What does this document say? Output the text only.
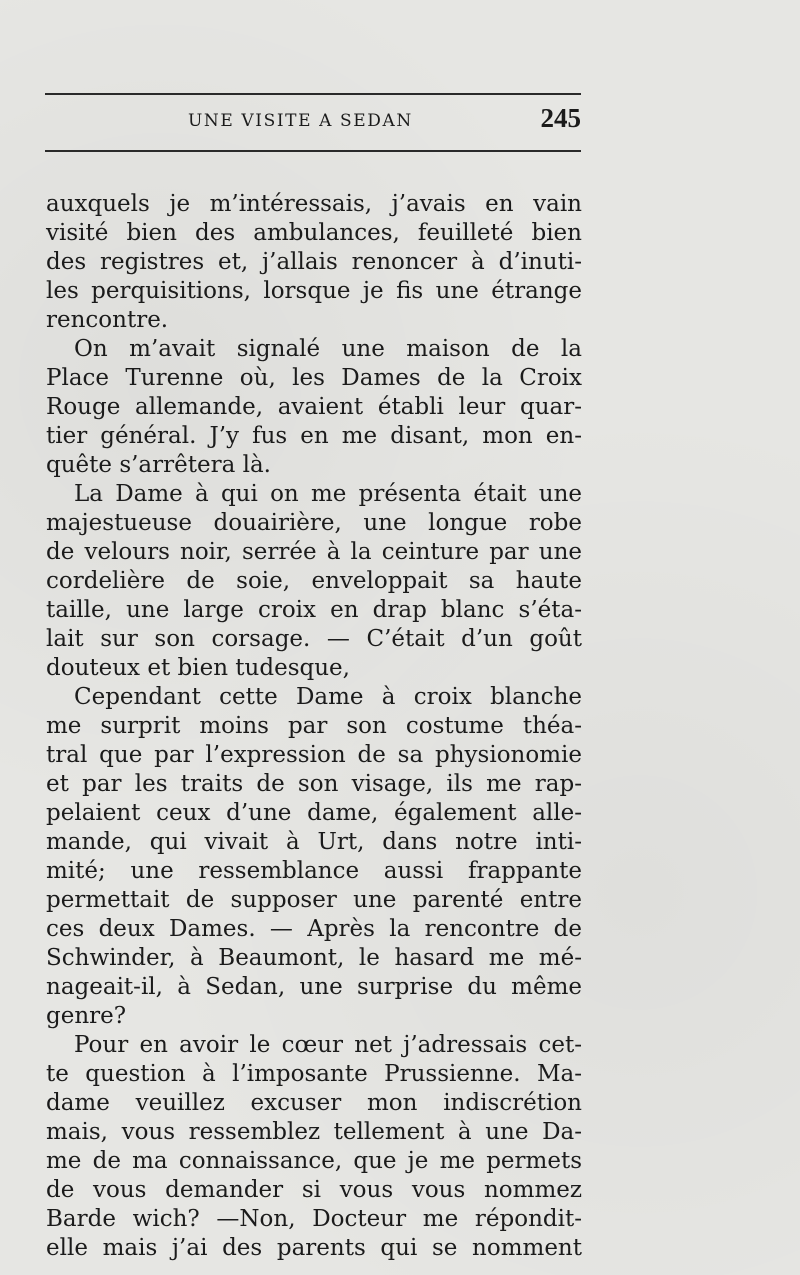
UNE VISITE A SEDAN	245
auxquels je m’intéressais, j’avais en vain
visité bien des ambulances, feuilleté bien
des registres et, j’allais renoncer à d’inuti-
les perquisitions, lorsque je fis une étrange
rencontre.
On m’avait signalé une maison de la
Place Turenne où, les Dames de la Croix
Rouge allemande, avaient établi leur quar-
tier général. J’y fus en me disant, mon en-
quête s’arrêtera là.
La Dame à qui on me présenta était une
majestueuse douairière, une longue robe
de velours noir, serrée à la ceinture par une
cordelière de soie, enveloppait sa haute
taille, une large croix en drap blanc s’éta-
lait sur son corsage. — C’était d’un goût
douteux et bien tudesque,
Cependant cette Dame à croix blanche
me surprit moins par son costume théa-
tral que par l’expression de sa physionomie
et par les traits de son visage, ils me rap-
pelaient ceux d’une dame, également alle-
mande, qui vivait à Urt, dans notre inti-
mité; une ressemblance aussi frappante
permettait de supposer une parenté entre
ces deux Dames. — Après la rencontre de
Schwinder, à Beaumont, le hasard me mé-
nageait-il, à Sedan, une surprise du même
genre?
Pour en avoir le cœur net j’adressais cet-
te question à l’imposante Prussienne. Ma-
dame veuillez excuser mon indiscrétion
mais, vous ressemblez tellement à une Da-
me de ma connaissance, que je me permets
de vous demander si vous vous nommez
Barde wich? —Non, Docteur me répondit-
elle mais j’ai des parents qui se nomment
